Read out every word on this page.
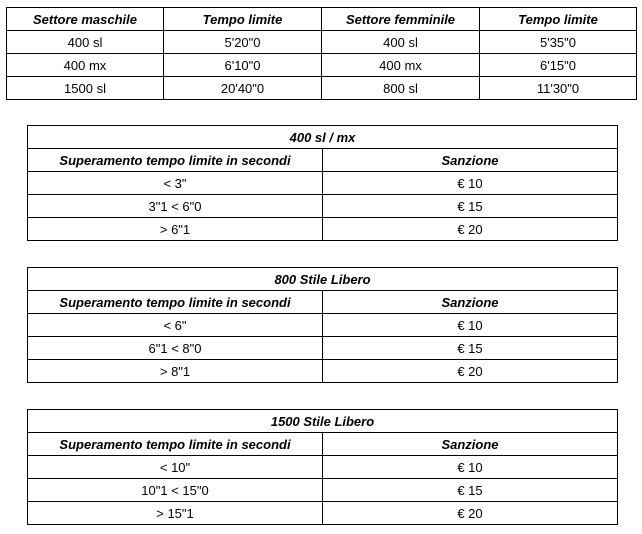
Settore maschile	Tempo limite	Settore femminile	Tempo limite
400 sl	5'20"0	400 sl	5'35"0
400 mx	6'10"0	400 mx	6'15"0
1500 sl	20'40"0	800 sl	11'30"0
400 sl / mx	
Superamento tempo limite in secondi	Sanzione
< 3"	€ 10
3"1 < 6"0	€ 15
> 6"1	€ 20
800 Stile Libero	
Superamento tempo limite in secondi	Sanzione
< 6"	€ 10
6"1 < 8"0	€ 15
> 8"1	€ 20
1500 Stile Libero	
Superamento tempo limite in secondi	Sanzione
< 10"	€ 10
10"1 < 15"0	€ 15
> 15"1	€ 20
